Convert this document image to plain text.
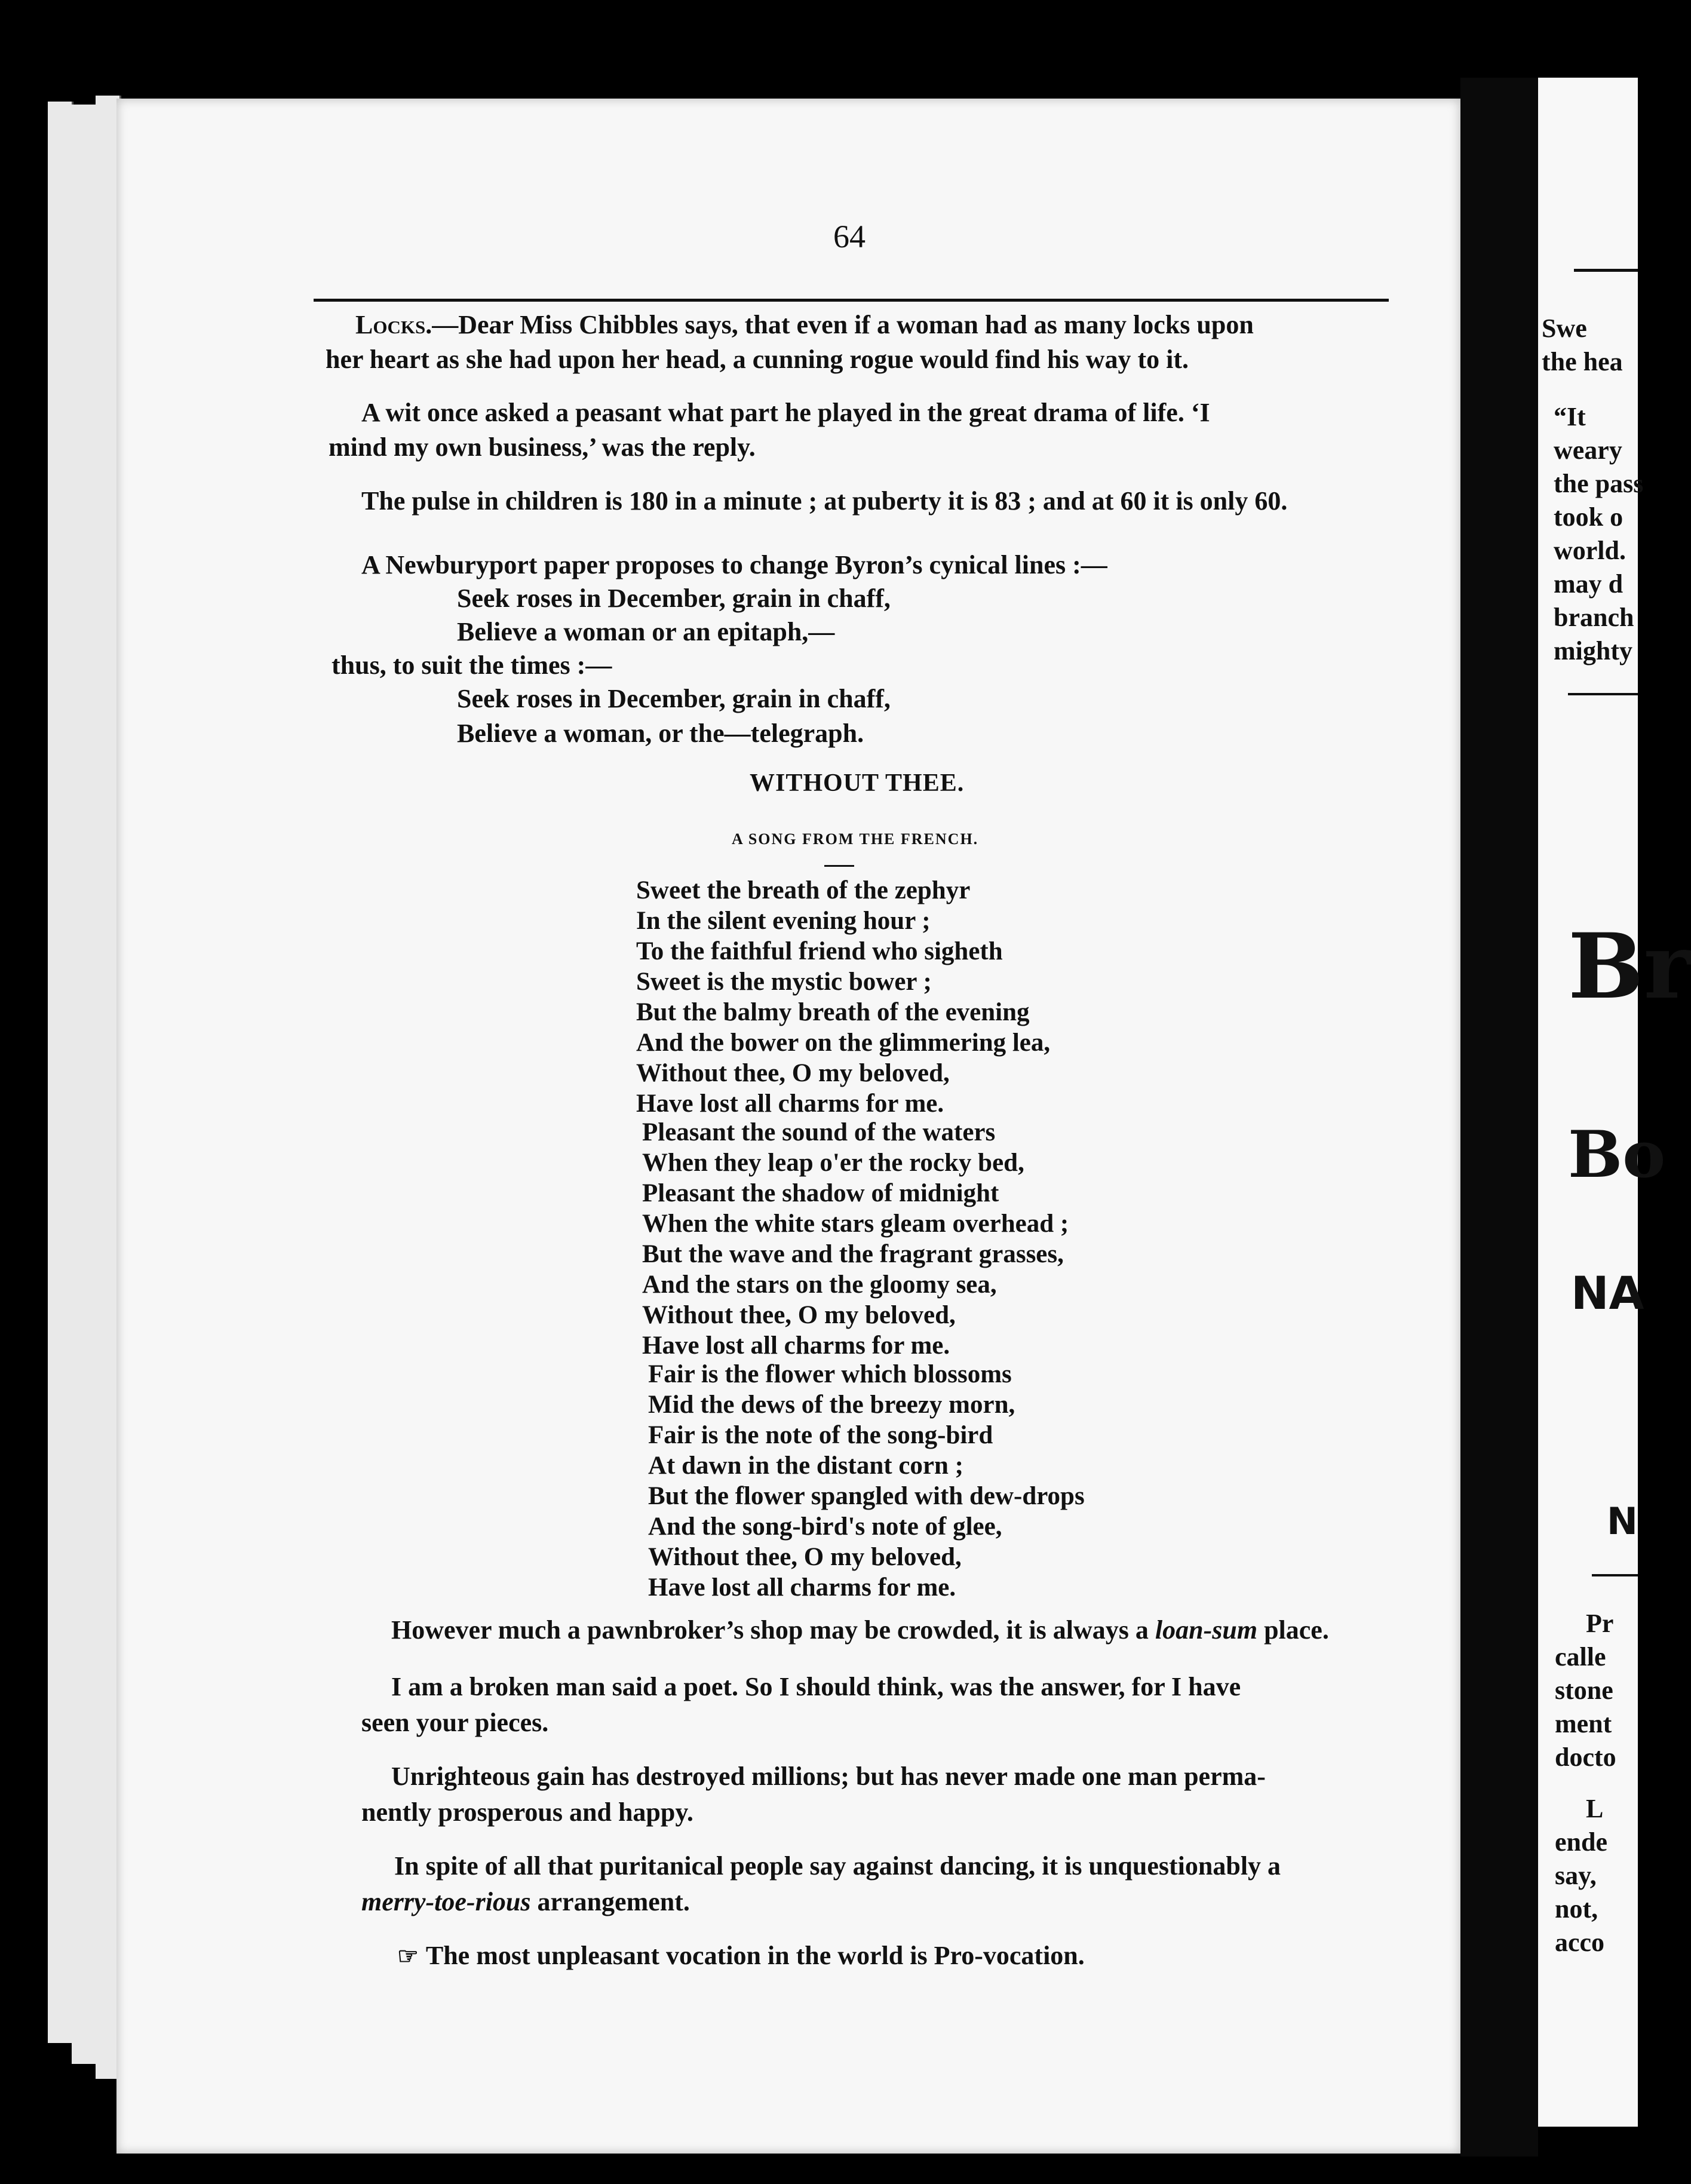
64
Locks.—Dear Miss Chibbles says, that even if a woman had as many locks upon
her heart as she had upon her head, a cunning rogue would find his way to it.
A wit once asked a peasant what part he played in the great drama of life. ‘I
mind my own business,’ was the reply.
The pulse in children is 180 in a minute ; at puberty it is 83 ; and at 60 it is only 60.
A Newburyport paper proposes to change Byron’s cynical lines :—
Seek roses in December, grain in chaff,
Believe a woman or an epitaph,—
thus, to suit the times :—
Seek roses in December, grain in chaff,
Believe a woman, or the—telegraph.
WITHOUT THEE.
A SONG FROM THE FRENCH.
Sweet the breath of the zephyr
In the silent evening hour ;
To the faithful friend who sigheth
Sweet is the mystic bower ;
But the balmy breath of the evening
And the bower on the glimmering lea,
Without thee, O my beloved,
Have lost all charms for me.
Pleasant the sound of the waters
When they leap o'er the rocky bed,
Pleasant the shadow of midnight
When the white stars gleam overhead ;
But the wave and the fragrant grasses,
And the stars on the gloomy sea,
Without thee, O my beloved,
Have lost all charms for me.
Fair is the flower which blossoms
Mid the dews of the breezy morn,
Fair is the note of the song-bird
At dawn in the distant corn ;
But the flower spangled with dew-drops
And the song-bird's note of glee,
Without thee, O my beloved,
Have lost all charms for me.
However much a pawnbroker’s shop may be crowded, it is always a loan-sum place.
I am a broken man said a poet. So I should think, was the answer, for I have
seen your pieces.
Unrighteous gain has destroyed millions; but has never made one man perma-
nently prosperous and happy.
In spite of all that puritanical people say against dancing, it is unquestionably a
merry-toe-rious arrangement.
☞ The most unpleasant vocation in the world is Pro-vocation.
Swe
the hea
“It
weary
the pass
took o
world.
may d
branch
mighty
Br
Bo
NA
N
Pr
calle
stone
ment
docto
L
ende
say,
not,
acco
